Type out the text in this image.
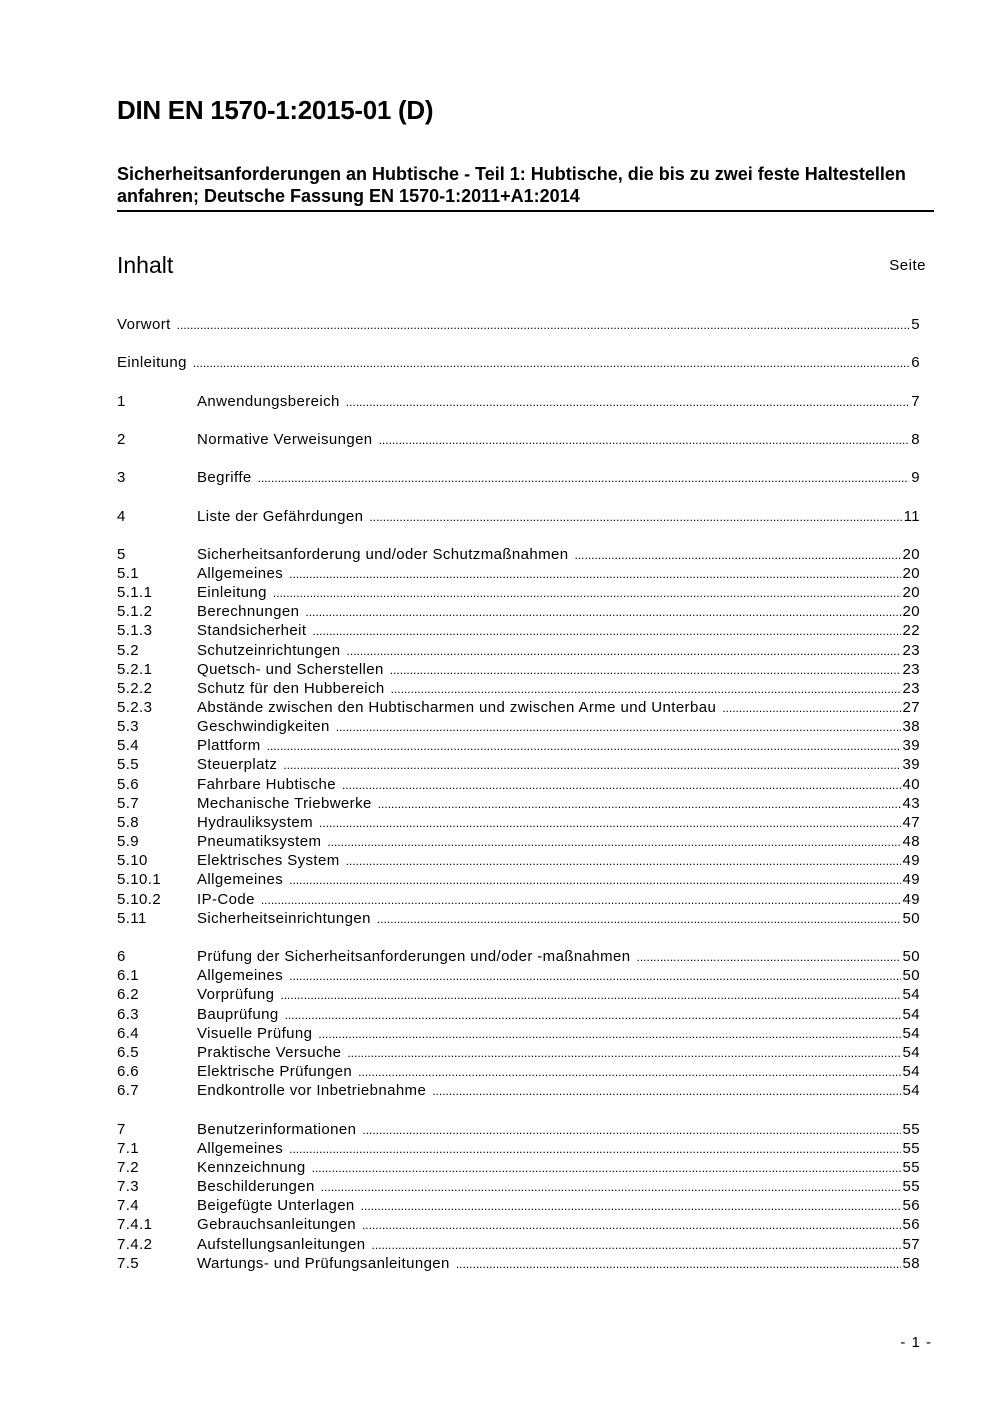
DIN EN 1570-1:2015-01 (D)
Sicherheitsanforderungen an Hubtische - Teil 1: Hubtische, die bis zu zwei feste Haltestellen anfahren; Deutsche Fassung EN 1570-1:2011+A1:2014
Inhalt	Seite
Vorwort .....	5
Einleitung .....	6
1	Anwendungsbereich .....	7
2	Normative Verweisungen .....	8
3	Begriffe .....	9
4	Liste der Gefährdungen .....	11
5	Sicherheitsanforderung und/oder Schutzmaßnahmen .....	20
5.1	Allgemeines .....	20
5.1.1	Einleitung .....	20
5.1.2	Berechnungen .....	20
5.1.3	Standsicherheit .....	22
5.2	Schutzeinrichtungen .....	23
5.2.1	Quetsch- und Scherstellen .....	23
5.2.2	Schutz für den Hubbereich .....	23
5.2.3	Abstände zwischen den Hubtischarmen und zwischen Arme und Unterbau .....	27
5.3	Geschwindigkeiten .....	38
5.4	Plattform .....	39
5.5	Steuerplatz .....	39
5.6	Fahrbare Hubtische .....	40
5.7	Mechanische Triebwerke .....	43
5.8	Hydrauliksystem .....	47
5.9	Pneumatiksystem .....	48
5.10	Elektrisches System .....	49
5.10.1	Allgemeines .....	49
5.10.2	IP-Code .....	49
5.11	Sicherheitseinrichtungen .....	50
6	Prüfung der Sicherheitsanforderungen und/oder -maßnahmen .....	50
6.1	Allgemeines .....	50
6.2	Vorprüfung .....	54
6.3	Bauprüfung .....	54
6.4	Visuelle Prüfung .....	54
6.5	Praktische Versuche .....	54
6.6	Elektrische Prüfungen .....	54
6.7	Endkontrolle vor Inbetriebnahme .....	54
7	Benutzerinformationen .....	55
7.1	Allgemeines .....	55
7.2	Kennzeichnung .....	55
7.3	Beschilderungen .....	55
7.4	Beigefügte Unterlagen .....	56
7.4.1	Gebrauchsanleitungen .....	56
7.4.2	Aufstellungsanleitungen .....	57
7.5	Wartungs- und Prüfungsanleitungen .....	58
- 1 -
